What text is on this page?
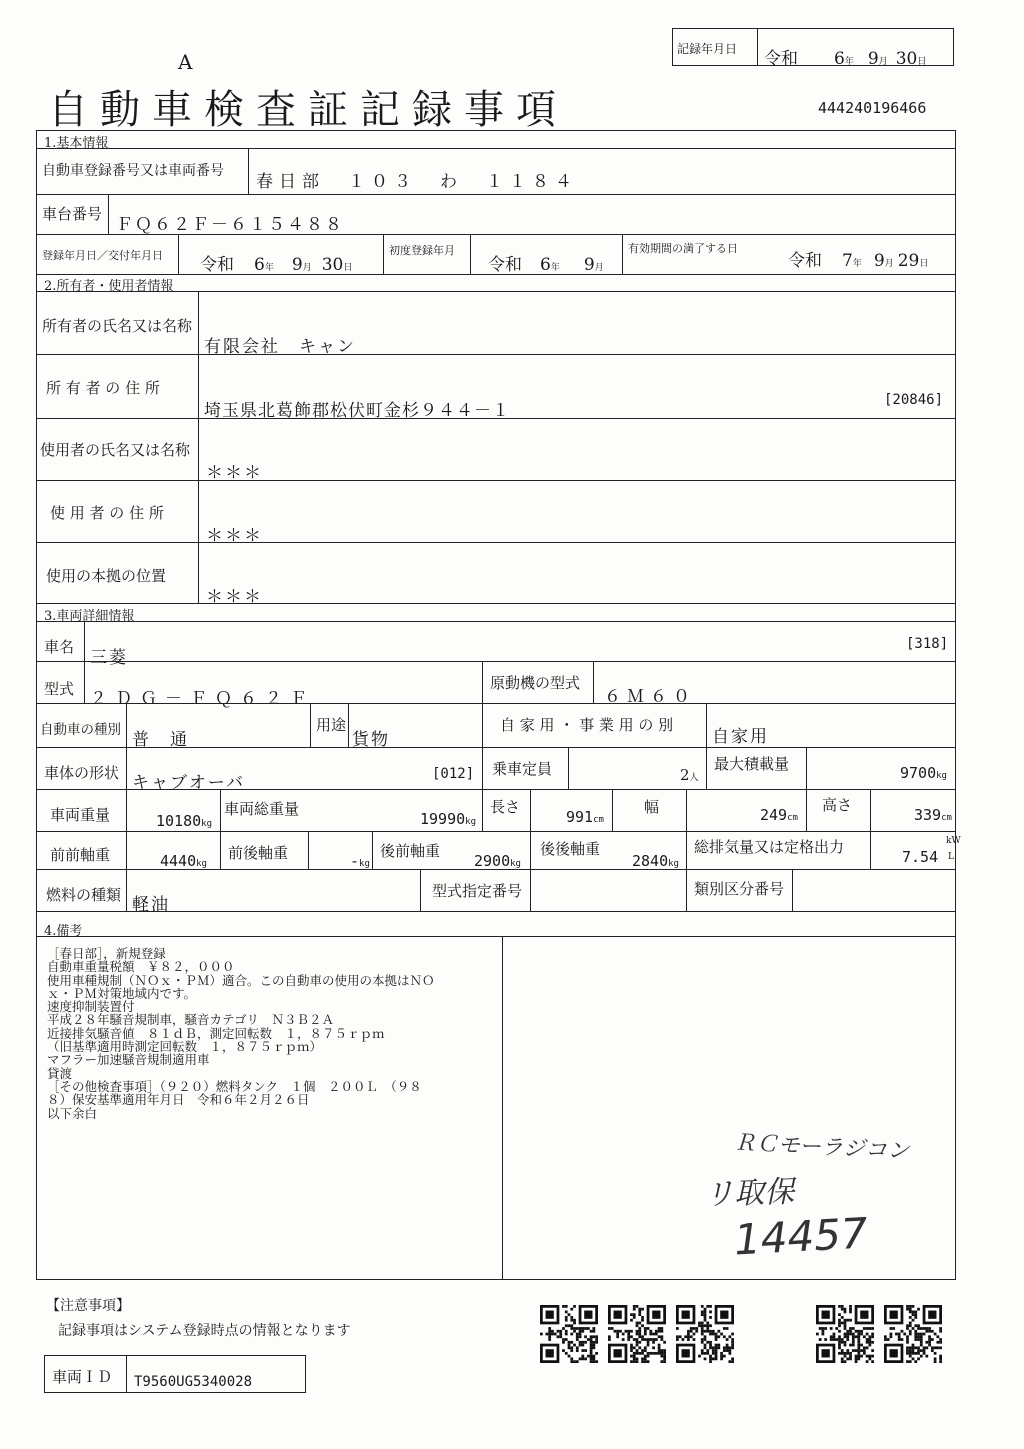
A
自動車検査証記録事項	444240196466
記録年月日 令和 6年 9月 30日
1.基本情報
自動車登録番号又は車両番号
春日部　１０３　わ　１１８４
車台番号
ＦＱ６２Ｆ－６１５４８８
登録年月日／交付年月日 令和 6年 9月 30日
初度登録年月
令和 6年 9月
有効期間の満了する日
令和 7年 9月 29日
2.所有者・使用者情報
所有者の氏名又は名称
有限会社　キャン
所 有 者 の 住 所
埼玉県北葛飾郡松伏町金杉９４４－１
[20846]
使用者の氏名又は名称
＊＊＊
使 用 者 の 住 所
＊＊＊
使用の本拠の位置
＊＊＊
3.車両詳細情報
車名
三菱
[318]
型式 ２ＤＧ－ＦＱ６２Ｆ
原動機の型式
６Ｍ６０
自動車の種別 普　通
用途
貨物
自 家 用 ・ 事 業 用 の 別
自家用
車体の形状 キャブオーバ	[012] 乗車定員	2人
最大積載量	9700kg
車両重量	10180kg
車両総重量
19990kg
長さ
991cm
幅	249cm
高さ
339cm
前前軸重	4440kg
前後軸重	-kg
後前軸重
2900kg
後後軸重
2840kg
総排気量又は定格出力
7.54
kW
L
燃料の種類 軽油
型式指定番号	類別区分番号
4.備考
［春日部］，新規登録
自動車重量税額　￥８２，０００
使用車種規制（ＮＯｘ・ＰＭ）適合。この自動車の使用の本拠はＮＯ
ｘ・ＰＭ対策地域内です。
速度抑制装置付
平成２８年騒音規制車，騒音カテゴリ　Ｎ３Ｂ２Ａ
近接排気騒音値　８１ｄＢ，測定回転数　１，８７５ｒｐｍ
（旧基準適用時測定回転数　１，８７５ｒｐｍ）
マフラー加速騒音規制適用車
貸渡
［その他検査事項］（９２０）燃料タンク　１個　２００Ｌ　（９８
８）保安基準適用年月日　令和６年２月２６日
以下余白
ＲＣモーラジコン
リ取保
14457
【注意事項】
記録事項はシステム登録時点の情報となります
車両ＩＤ T9560UG5340028
